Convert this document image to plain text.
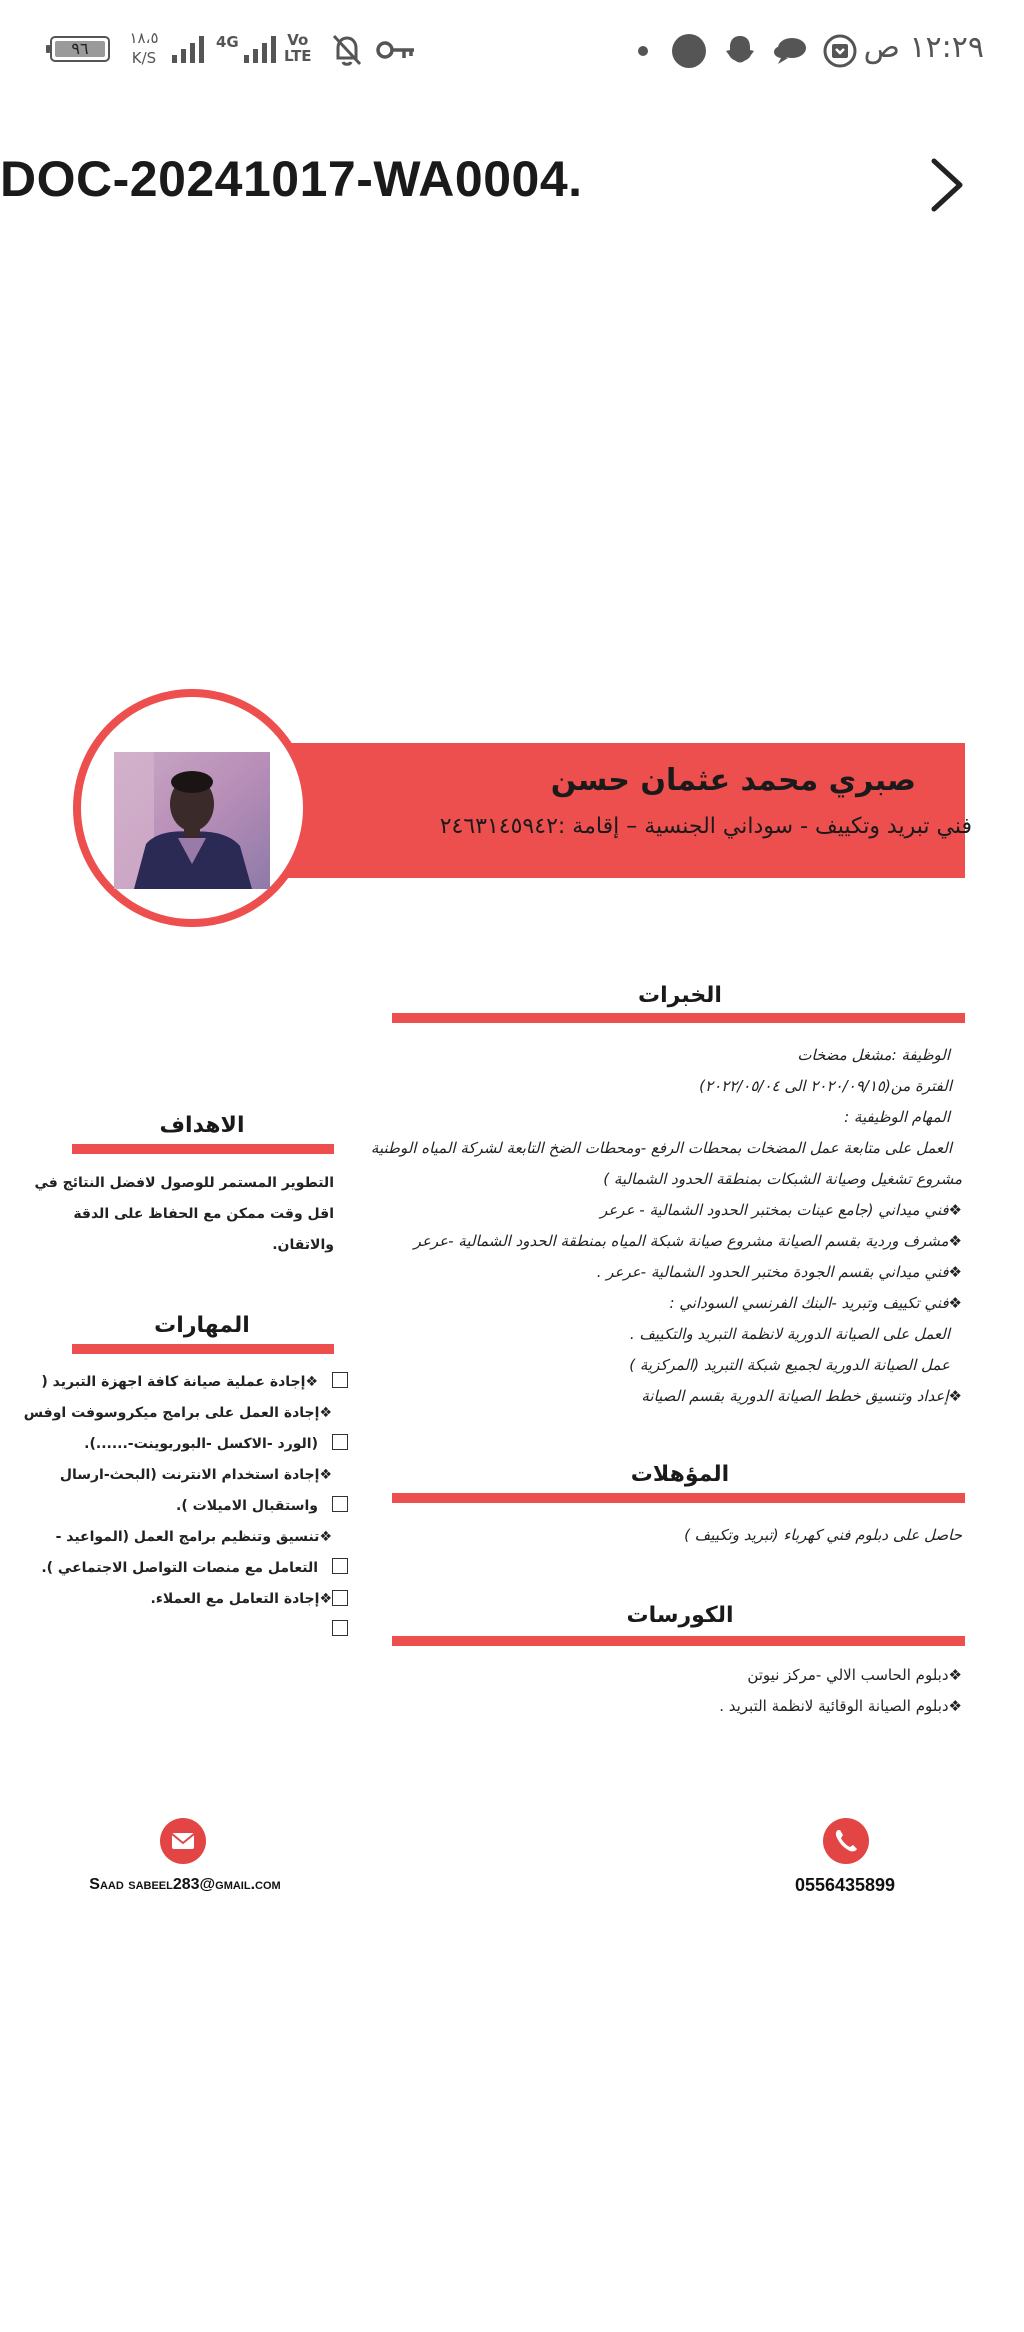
٩٦
١٨،٥
K/S
4G	Vo
LTE	١٢:٢٩ ص
DOC-20241017-WA0004.
صبري محمد عثمان حسن
فني تبريد وتكييف - سوداني الجنسية – إقامة :٢٤٦٣١٤٥٩٤٢
الخبرات
الوظيفة :مشغل مضخات
الفترة من(٢٠٢٠/٠٩/١٥ الى ٢٠٢٢/٠٥/٠٤)
المهام الوظيفية :
العمل على متابعة عمل المضخات بمحطات الرفع -ومحطات الضخ التابعة لشركة المياه الوطنية
مشروع تشغيل وصيانة الشبكات بمنطقة الحدود الشمالية )
❖فني ميداني (جامع عينات بمختبر الحدود الشمالية - عرعر
❖مشرف وردية بقسم الصيانة مشروع صيانة شبكة المياه بمنطقة الحدود الشمالية -عرعر
❖فني ميداني بقسم الجودة مختبر الحدود الشمالية -عرعر .
❖فني تكييف وتبريد -البنك الفرنسي السوداني :
العمل على الصيانة الدورية لانظمة التبريد والتكييف .
عمل الصيانة الدورية لجميع شبكة التبريد (المركزية )
❖إعداد وتنسيق خطط الصيانة الدورية بقسم الصيانة
المؤهلات
حاصل على دبلوم فني كهرباء (تبريد وتكييف )
الكورسات
❖دبلوم الحاسب الالي -مركز نيوتن
❖دبلوم الصيانة الوقائية لانظمة التبريد .
الاهداف
التطوير المستمر للوصول لافضل النتائج في
اقل وقت ممكن مع الحفاظ على الدقة
والاتقان.
المهارات
❖إجادة عملية صيانة كافة اجهزة التبريد (
❖إجادة العمل على برامج ميكروسوفت اوفس
(الورد -الاكسل -البوربوينت-......).
❖إجادة استخدام الانترنت (البحث-ارسال
واستقبال الاميلات ).
❖تنسيق وتنظيم برامج العمل (المواعيد -
التعامل مع منصات التواصل الاجتماعي ).
❖إجادة التعامل مع العملاء.
Saad sabeel283@gmail.com	0556435899
